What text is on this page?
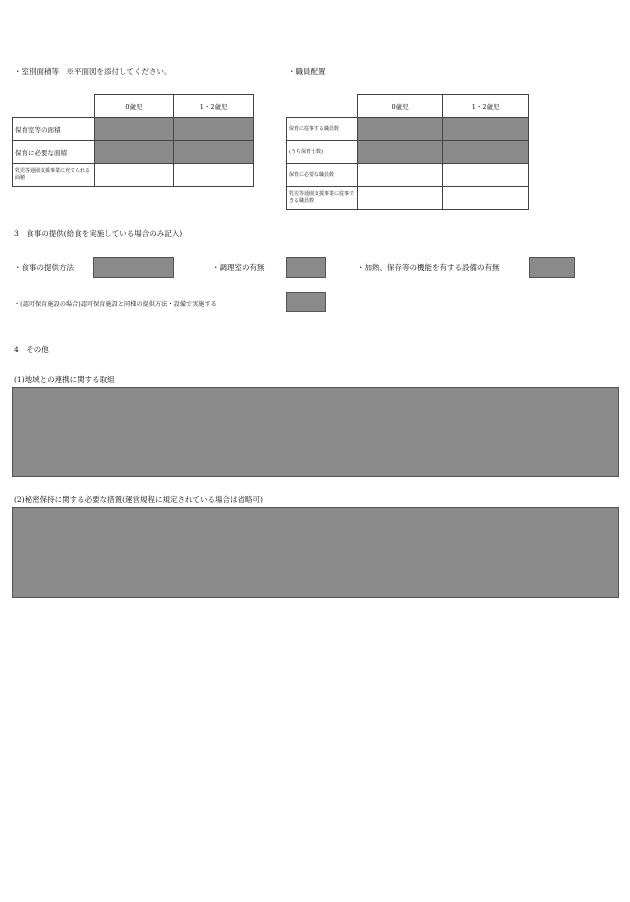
・室別面積等　※平面図を添付してください。
	0歳児	1・2歳児
保育室等の面積		
保育に必要な面積		
乳児等通園支援事業に充てられる面積		
・職員配置
	0歳児	1・2歳児
保育に従事する職員数		
(うち保育士数)		
保育に必要な職員数		
乳児等通園支援事業に従事できる職員数		
3　食事の提供(給食を実施している場合のみ記入)
・食事の提供方法	・調理室の有無	・加熱、保存等の機能を有する設備の有無
・(認可保育施設の場合)認可保育施設と同様の提供方法・設備で実施する
4　その他
(1)地域との連携に関する取組
(2)秘密保持に関する必要な措置(運営規程に規定されている場合は省略可)
